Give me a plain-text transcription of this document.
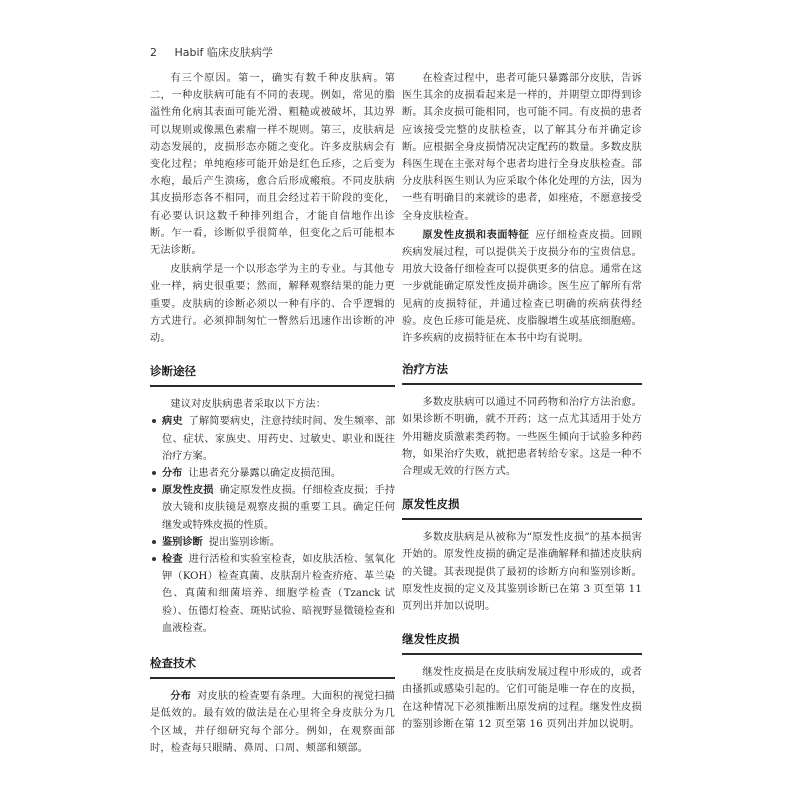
2 Habif 临床皮肤病学

有三个原因。第一，确实有数千种皮肤病。第二，一种皮肤病可能有不同的表现。例如，常见的脂溢性角化病其表面可能光滑、粗糙或被破坏，其边界可以规则或像黑色素瘤一样不规则。第三，皮肤病是动态发展的，皮损形态亦随之变化。许多皮肤病会有变化过程；单纯疱疹可能开始是红色丘疹，之后变为水疱，最后产生溃疡，愈合后形成瘢痕。不同皮肤病其皮损形态各不相同，而且会经过若干阶段的变化，有必要认识这数千种排列组合，才能自信地作出诊断。乍一看，诊断似乎很简单，但变化之后可能根本无法诊断。

皮肤病学是一个以形态学为主的专业。与其他专业一样，病史很重要；然而，解释观察结果的能力更重要。皮肤病的诊断必须以一种有序的、合乎逻辑的方式进行。必须抑制匆忙一瞥然后迅速作出诊断的冲动。

诊断途径

建议对皮肤病患者采取以下方法：

病史 了解简要病史，注意持续时间、发生频率、部位、症状、家族史、用药史、过敏史、职业和既往治疗方案。
分布 让患者充分暴露以确定皮损范围。
原发性皮损 确定原发性皮损。仔细检查皮损；手持放大镜和皮肤镜是观察皮损的重要工具。确定任何继发或特殊皮损的性质。
鉴别诊断 提出鉴别诊断。
检查 进行活检和实验室检查，如皮肤活检、氢氧化钾（KOH）检查真菌、皮肤刮片检查疥疮、革兰染色、真菌和细菌培养、细胞学检查（Tzanck 试验）、伍德灯检查、斑贴试验、暗视野显微镜检查和血液检查。
检查技术

分布 对皮肤的检查要有条理。大面积的视觉扫描是低效的。最有效的做法是在心里将全身皮肤分为几个区域，并仔细研究每个部分。例如，在观察面部时，检查每只眼睛、鼻周、口周、颊部和颏部。

在检查过程中，患者可能只暴露部分皮肤，告诉医生其余的皮损看起来是一样的，并期望立即得到诊断。其余皮损可能相同，也可能不同。有皮损的患者应该接受完整的皮肤检查，以了解其分布并确定诊断。应根据全身皮损情况决定配药的数量。多数皮肤科医生现在主张对每个患者均进行全身皮肤检查。部分皮肤科医生则认为应采取个体化处理的方法，因为一些有明确目的来就诊的患者，如痤疮，不愿意接受全身皮肤检查。

原发性皮损和表面特征 应仔细检查皮损。回顾疾病发展过程，可以提供关于皮损分布的宝贵信息。用放大设备仔细检查可以提供更多的信息。通常在这一步就能确定原发性皮损并确诊。医生应了解所有常见病的皮损特征，并通过检查已明确的疾病获得经验。皮色丘疹可能是疣、皮脂腺增生或基底细胞癌。许多疾病的皮损特征在本书中均有说明。

治疗方法

多数皮肤病可以通过不同药物和治疗方法治愈。如果诊断不明确，就不开药；这一点尤其适用于处方外用糖皮质激素类药物。一些医生倾向于试验多种药物，如果治疗失败，就把患者转给专家。这是一种不合理或无效的行医方式。

原发性皮损

多数皮肤病是从被称为“原发性皮损”的基本损害开始的。原发性皮损的确定是准确解释和描述皮肤病的关键。其表现提供了最初的诊断方向和鉴别诊断。原发性皮损的定义及其鉴别诊断已在第 3 页至第 11 页列出并加以说明。

继发性皮损

继发性皮损是在皮肤病发展过程中形成的，或者由搔抓或感染引起的。它们可能是唯一存在的皮损，在这种情况下必须推断出原发病的过程。继发性皮损的鉴别诊断在第 12 页至第 16 页列出并加以说明。
